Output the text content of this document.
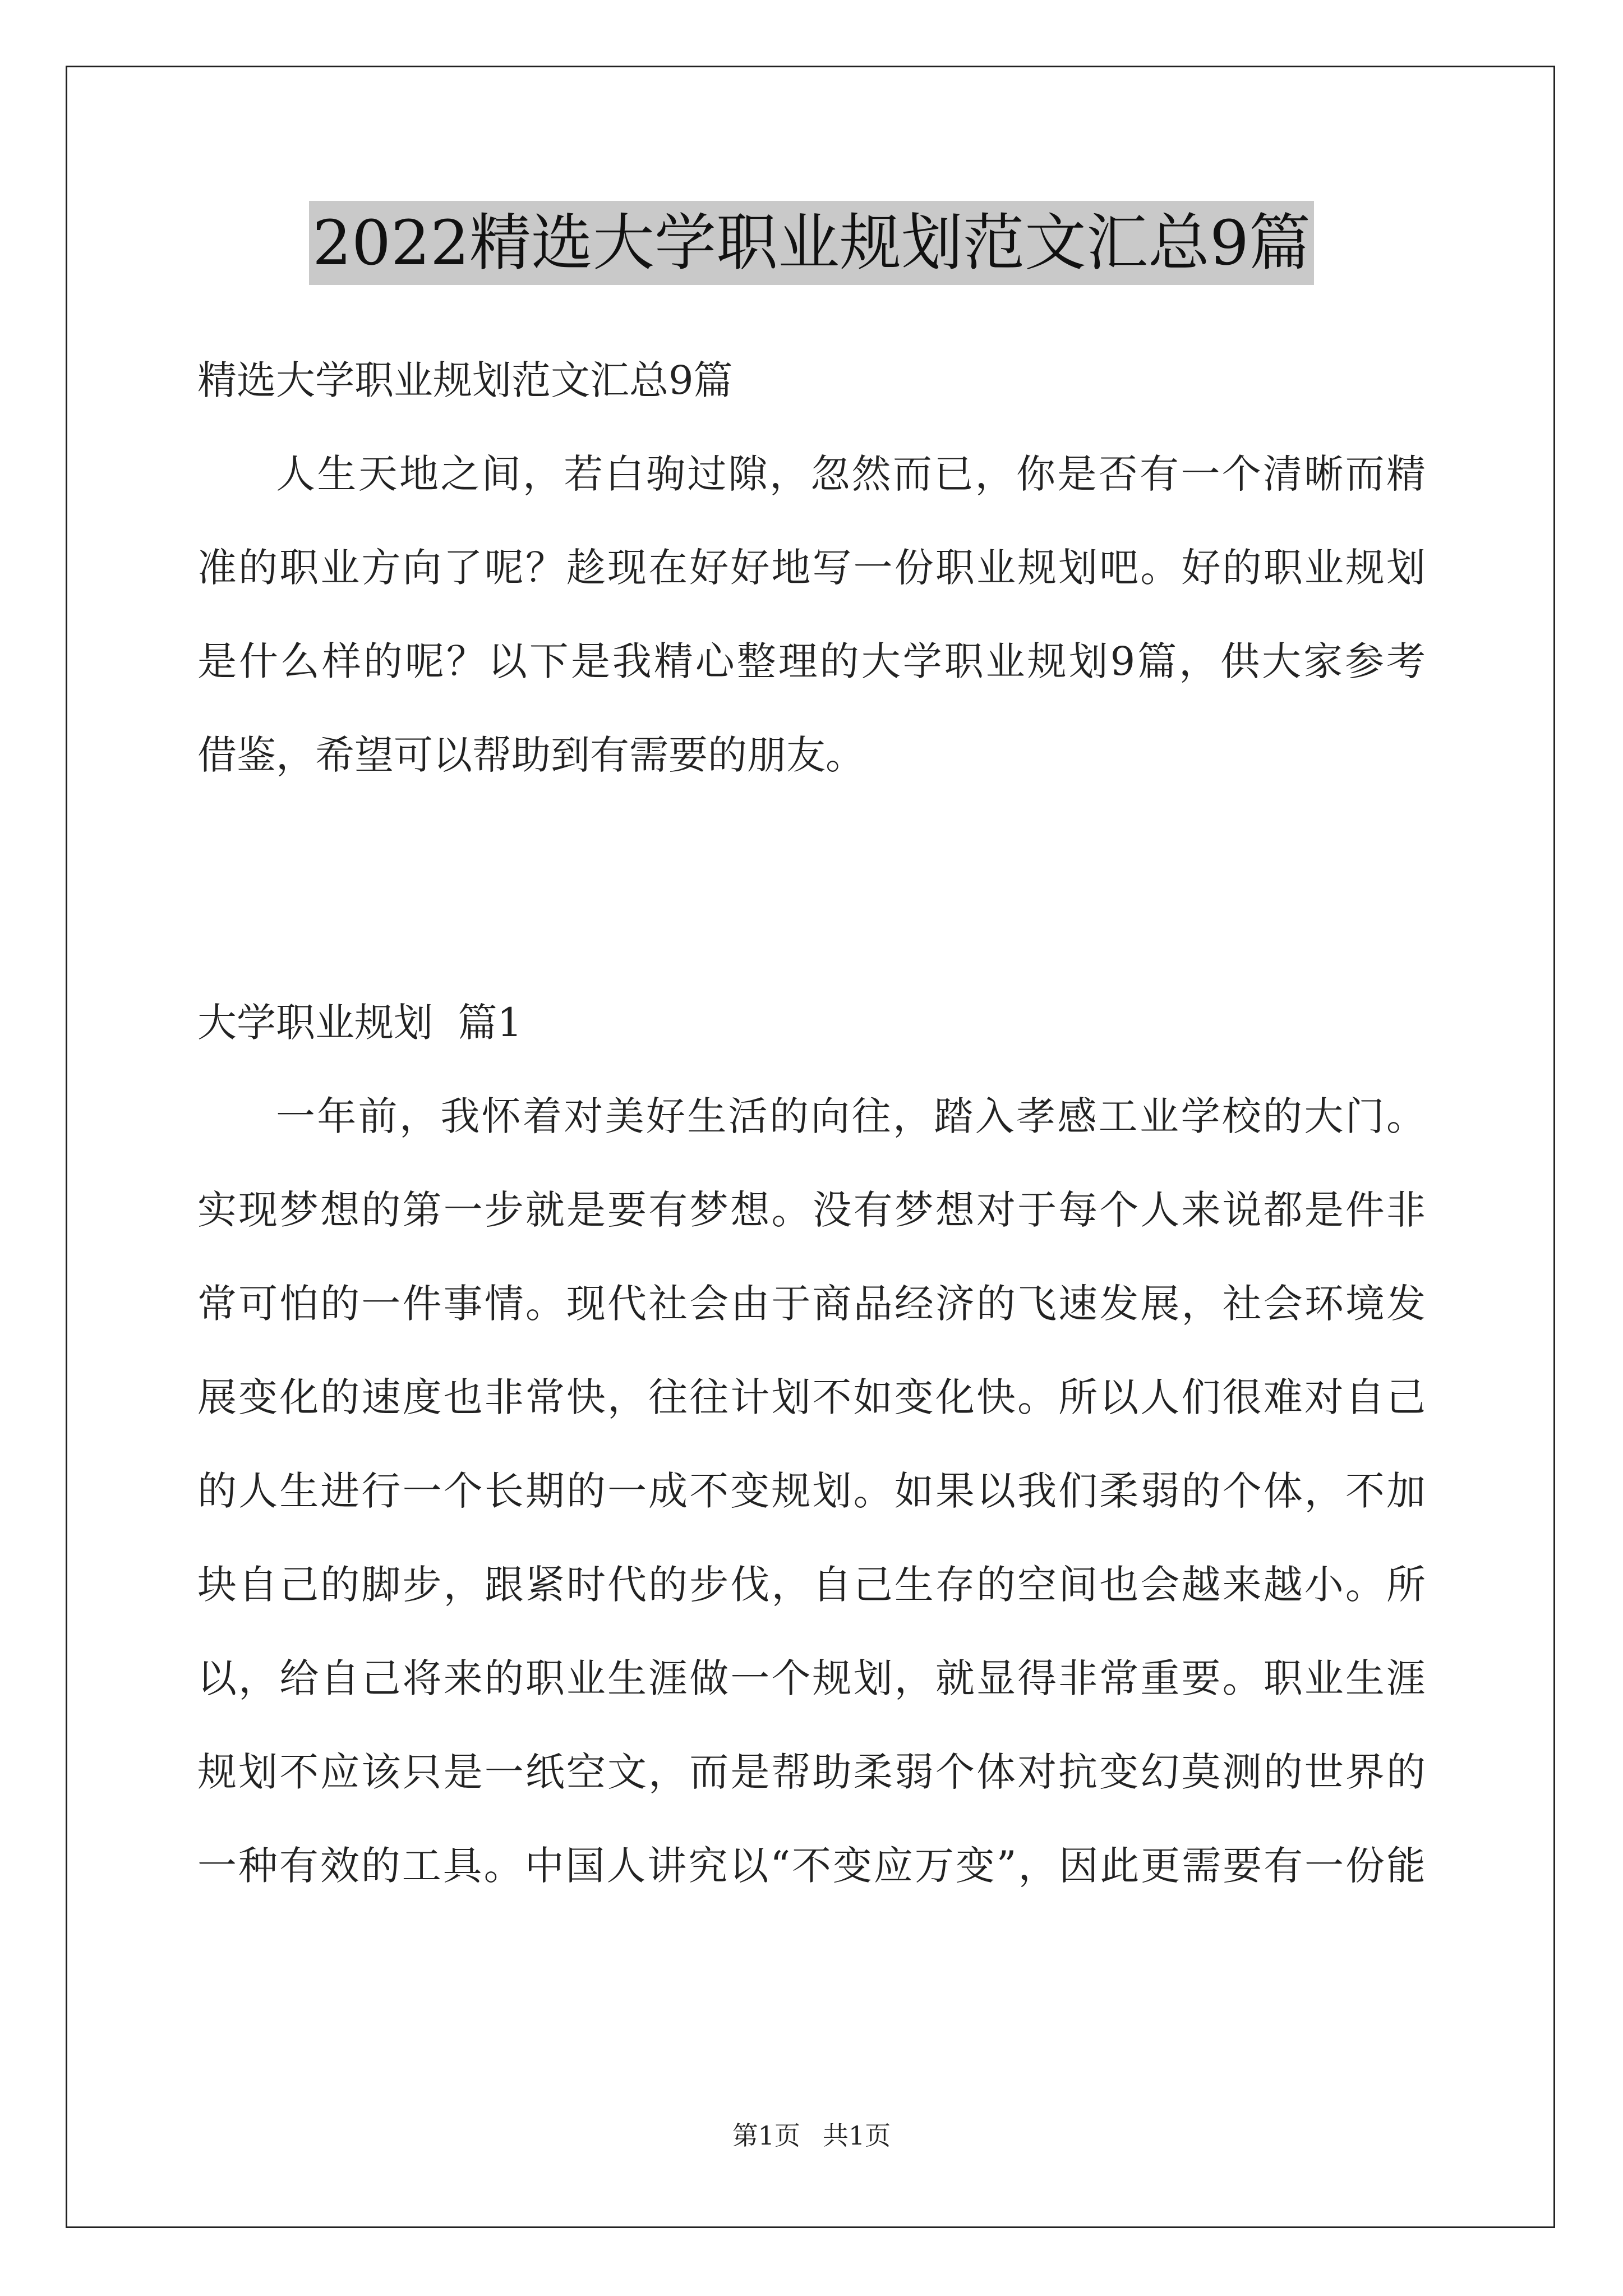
2022精选大学职业规划范文汇总9篇
精选大学职业规划范文汇总9篇
人生天地之间，若白驹过隙，忽然而已，你是否有一个清晰而精
准的职业方向了呢？趁现在好好地写一份职业规划吧。好的职业规划
是什么样的呢？以下是我精心整理的大学职业规划9篇，供大家参考
借鉴，希望可以帮助到有需要的朋友。
大学职业规划  篇1
一年前，我怀着对美好生活的向往，踏入孝感工业学校的大门。
实现梦想的第一步就是要有梦想。没有梦想对于每个人来说都是件非
常可怕的一件事情。现代社会由于商品经济的飞速发展，社会环境发
展变化的速度也非常快，往往计划不如变化快。所以人们很难对自己
的人生进行一个长期的一成不变规划。如果以我们柔弱的个体，不加
块自己的脚步，跟紧时代的步伐，自己生存的空间也会越来越小。所
以，给自己将来的职业生涯做一个规划，就显得非常重要。职业生涯
规划不应该只是一纸空文，而是帮助柔弱个体对抗变幻莫测的世界的
一种有效的工具。中国人讲究以“不变应万变”，因此更需要有一份能
第1页 共1页
